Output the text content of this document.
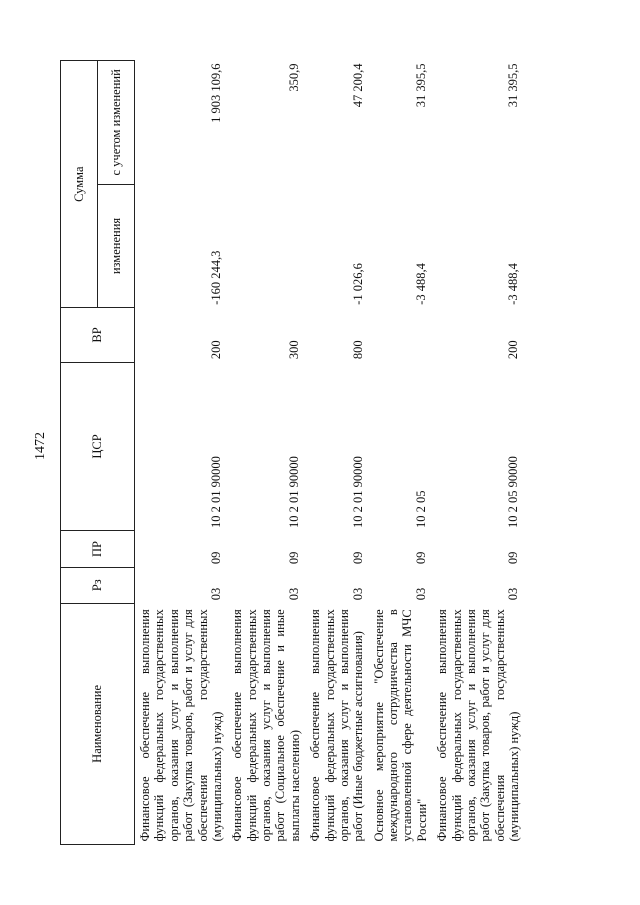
1472
Наименование	Рз	ПР	ЦСР	ВР	Сумма	
					изменения	с учетом изменений
Финансовое обеспечение выполнения функций федеральных государственных органов, оказания услуг и выполнения работ (Закупка товаров, работ и услуг для обеспечения государственных (муниципальных) нужд)	03	09	10 2 01 90000	200	-160 244,3	1 903 109,6
Финансовое обеспечение выполнения функций федеральных государственных органов, оказания услуг и выполнения работ (Социальное обеспечение и иные выплаты населению)	03	09	10 2 01 90000	300		350,9
Финансовое обеспечение выполнения функций федеральных государственных органов, оказания услуг и выполнения работ (Иные бюджетные ассигнования)	03	09	10 2 01 90000	800	-1 026,6	47 200,4
Основное мероприятие "Обеспечение международного сотрудничества в установленной сфере деятельности МЧС России"	03	09	10 2 05		-3 488,4	31 395,5
Финансовое обеспечение выполнения функций федеральных государственных органов, оказания услуг и выполнения работ (Закупка товаров, работ и услуг для обеспечения государственных (муниципальных) нужд)	03	09	10 2 05 90000	200	-3 488,4	31 395,5
